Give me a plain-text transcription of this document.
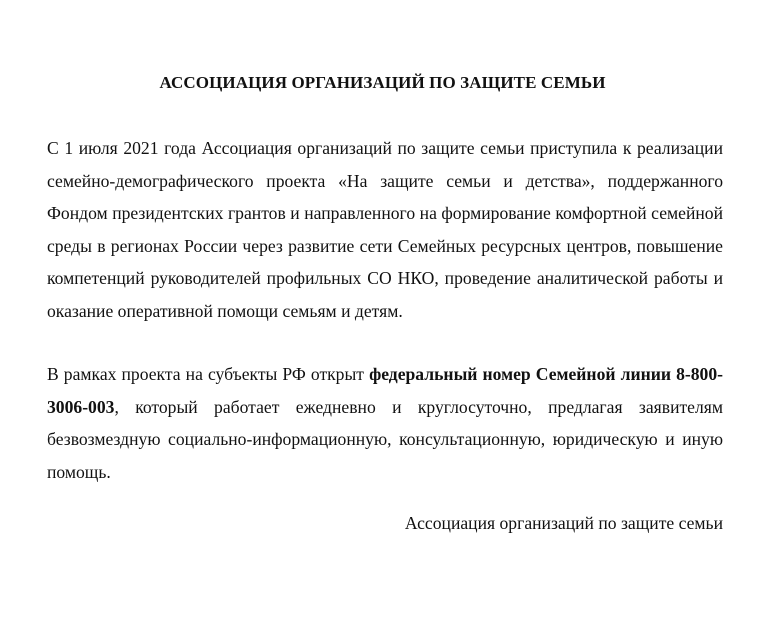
АССОЦИАЦИЯ ОРГАНИЗАЦИЙ ПО ЗАЩИТЕ СЕМЬИ

С 1 июля 2021 года Ассоциация организаций по защите семьи приступила к реализации семейно-демографического проекта «На защите семьи и детства», поддержанного Фондом президентских грантов и направленного на формирование комфортной семейной среды в регионах России через развитие сети Семейных ресурсных центров, повышение компетенций руководителей профильных СО НКО, проведение аналитической работы и оказание оперативной помощи семьям и детям.

В рамках проекта на субъекты РФ открыт федеральный номер Семейной линии 8-800-3006-003, который работает ежедневно и круглосуточно, предлагая заявителям безвозмездную социально-информационную, консультационную, юридическую и иную помощь.

Ассоциация организаций по защите семьи
